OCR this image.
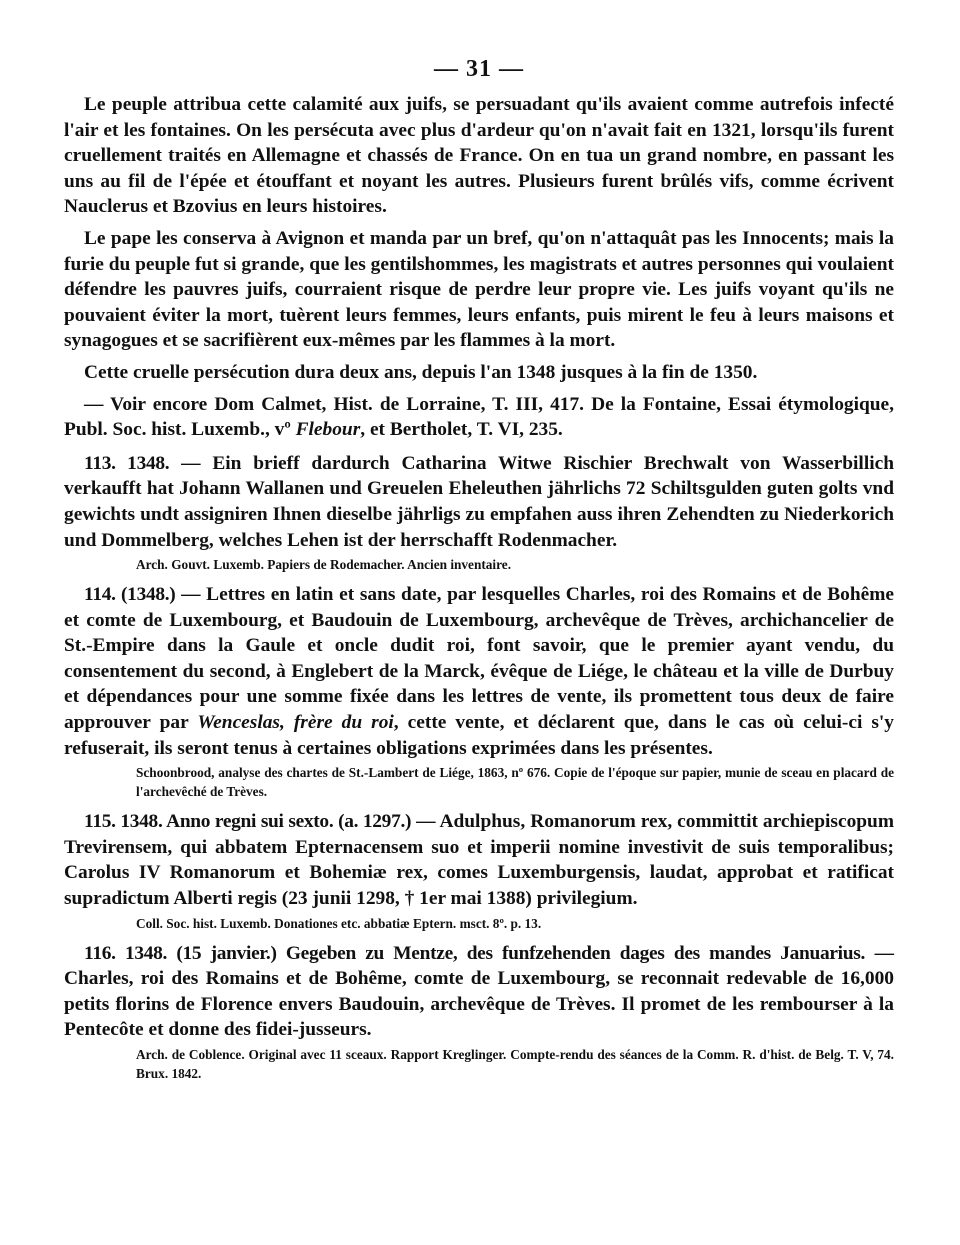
— 31 —

Le peuple attribua cette calamité aux juifs, se persuadant qu'ils avaient comme autrefois infecté l'air et les fontaines. On les persécuta avec plus d'ardeur qu'on n'avait fait en 1321, lorsqu'ils furent cruellement traités en Allemagne et chassés de France. On en tua un grand nombre, en passant les uns au fil de l'épée et étouffant et noyant les autres. Plusieurs furent brûlés vifs, comme écrivent Nauclerus et Bzovius en leurs histoires.

Le pape les conserva à Avignon et manda par un bref, qu'on n'attaquât pas les Innocents; mais la furie du peuple fut si grande, que les gentilshommes, les magistrats et autres personnes qui voulaient défendre les pauvres juifs, courraient risque de perdre leur propre vie. Les juifs voyant qu'ils ne pouvaient éviter la mort, tuèrent leurs femmes, leurs enfants, puis mirent le feu à leurs maisons et synagogues et se sacrifièrent eux-mêmes par les flammes à la mort.

Cette cruelle persécution dura deux ans, depuis l'an 1348 jusques à la fin de 1350.

— Voir encore Dom Calmet, Hist. de Lorraine, T. III, 417. De la Fontaine, Essai étymologique, Publ. Soc. hist. Luxemb., vº Flebour, et Bertholet, T. VI, 235.

113. 1348. — Ein brieff dardurch Catharina Witwe Rischier Brechwalt von Wasserbillich verkaufft hat Johann Wallanen und Greuelen Eheleuthen jährlichs 72 Schiltsgulden guten golts vnd gewichts undt assigniren Ihnen dieselbe jährligs zu empfahen auss ihren Zehendten zu Niederkorich und Dommelberg, welches Lehen ist der herrschafft Rodenmacher.

Arch. Gouvt. Luxemb. Papiers de Rodemacher. Ancien inventaire.

114. (1348.) — Lettres en latin et sans date, par lesquelles Charles, roi des Romains et de Bohême et comte de Luxembourg, et Baudouin de Luxembourg, archevêque de Trèves, archichancelier de St.-Empire dans la Gaule et oncle dudit roi, font savoir, que le premier ayant vendu, du consentement du second, à Englebert de la Marck, évêque de Liége, le château et la ville de Durbuy et dépendances pour une somme fixée dans les lettres de vente, ils promettent tous deux de faire approuver par Wenceslas, frère du roi, cette vente, et déclarent que, dans le cas où celui-ci s'y refuserait, ils seront tenus à certaines obligations exprimées dans les présentes.

Schoonbrood, analyse des chartes de St.-Lambert de Liége, 1863, nº 676. Copie de l'époque sur papier, munie de sceau en placard de l'archevêché de Trèves.

115. 1348. Anno regni sui sexto. (a. 1297.) — Adulphus, Romanorum rex, committit archiepiscopum Trevirensem, qui abbatem Epternacensem suo et imperii nomine investivit de suis temporalibus; Carolus IV Romanorum et Bohemiæ rex, comes Luxemburgensis, laudat, approbat et ratificat supradictum Alberti regis (23 junii 1298, † 1er mai 1388) privilegium.

Coll. Soc. hist. Luxemb. Donationes etc. abbatiæ Eptern. msct. 8º. p. 13.

116. 1348. (15 janvier.) Gegeben zu Mentze, des funfzehenden dages des mandes Januarius. — Charles, roi des Romains et de Bohême, comte de Luxembourg, se reconnait redevable de 16,000 petits florins de Florence envers Baudouin, archevêque de Trèves. Il promet de les rembourser à la Pentecôte et donne des fidei-jusseurs.

Arch. de Coblence. Original avec 11 sceaux. Rapport Kreglinger. Compte-rendu des séances de la Comm. R. d'hist. de Belg. T. V, 74. Brux. 1842.
